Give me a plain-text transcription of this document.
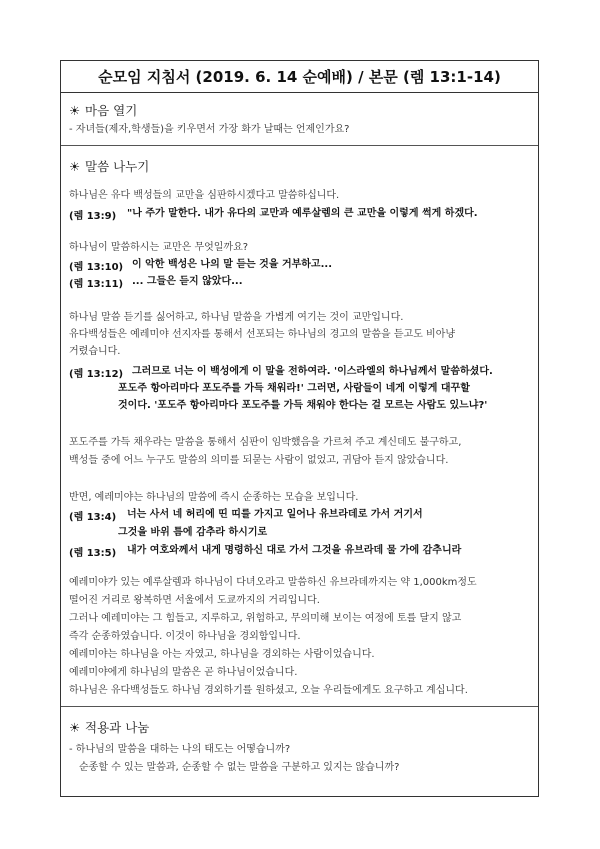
순모임 지침서 (2019. 6. 14 순예배) / 본문 (렘 13:1-14)
☀ 마음 열기
- 자녀들(제자,학생들)을 키우면서 가장 화가 날때는 언제인가요?
☀ 말씀 나누기
하나님은 유다 백성들의 교만을 심판하시겠다고 말씀하십니다.
(렘 13:9) "나 주가 말한다. 내가 유다의 교만과 예루살렘의 큰 교만을 이렇게 썩게 하겠다.
하나님이 말씀하시는 교만은 무엇일까요?
(렘 13:10) 이 악한 백성은 나의 말 듣는 것을 거부하고...
(렘 13:11) ... 그들은 듣지 않았다...
하나님 말씀 듣기를 싫어하고, 하나님 말씀을 가볍게 여기는 것이 교만입니다.
유다백성들은 예레미야 선지자를 통해서 선포되는 하나님의 경고의 말씀을 듣고도 비아냥
거렸습니다.
(렘 13:12) 그러므로 너는 이 백성에게 이 말을 전하여라. '이스라엘의 하나님께서 말씀하셨다.
포도주 항아리마다 포도주를 가득 채워라!' 그러면, 사람들이 네게 이렇게 대꾸할
것이다. '포도주 항아리마다 포도주를 가득 채워야 한다는 걸 모르는 사람도 있느냐?'
포도주를 가득 채우라는 말씀을 통해서 심판이 임박했음을 가르쳐 주고 계신데도 불구하고,
백성들 중에 어느 누구도 말씀의 의미를 되묻는 사람이 없었고, 귀담아 듣지 않았습니다.
반면, 예레미야는 하나님의 말씀에 즉시 순종하는 모습을 보입니다.
(렘 13:4) 너는 사서 네 허리에 띤 띠를 가지고 일어나 유브라데로 가서 거기서
그것을 바위 틈에 감추라 하시기로
(렘 13:5) 내가 여호와께서 내게 명령하신 대로 가서 그것을 유브라데 물 가에 감추니라
예레미야가 있는 예루살렘과 하나님이 다녀오라고 말씀하신 유브라데까지는 약 1,000km정도
떨어진 거리로 왕복하면 서울에서 도쿄까지의 거리입니다.
그러나 예레미야는 그 힘들고, 지루하고, 위험하고, 무의미해 보이는 여정에 토를 달지 않고
즉각 순종하였습니다. 이것이 하나님을 경외함입니다.
예레미야는 하나님을 아는 자였고, 하나님을 경외하는 사람이었습니다.
예레미야에게 하나님의 말씀은 곧 하나님이었습니다.
하나님은 유다백성들도 하나님 경외하기를 원하셨고, 오늘 우리들에게도 요구하고 계십니다.
☀ 적용과 나눔
- 하나님의 말씀을 대하는 나의 태도는 어떻습니까?
순종할 수 있는 말씀과, 순종할 수 없는 말씀을 구분하고 있지는 않습니까?
